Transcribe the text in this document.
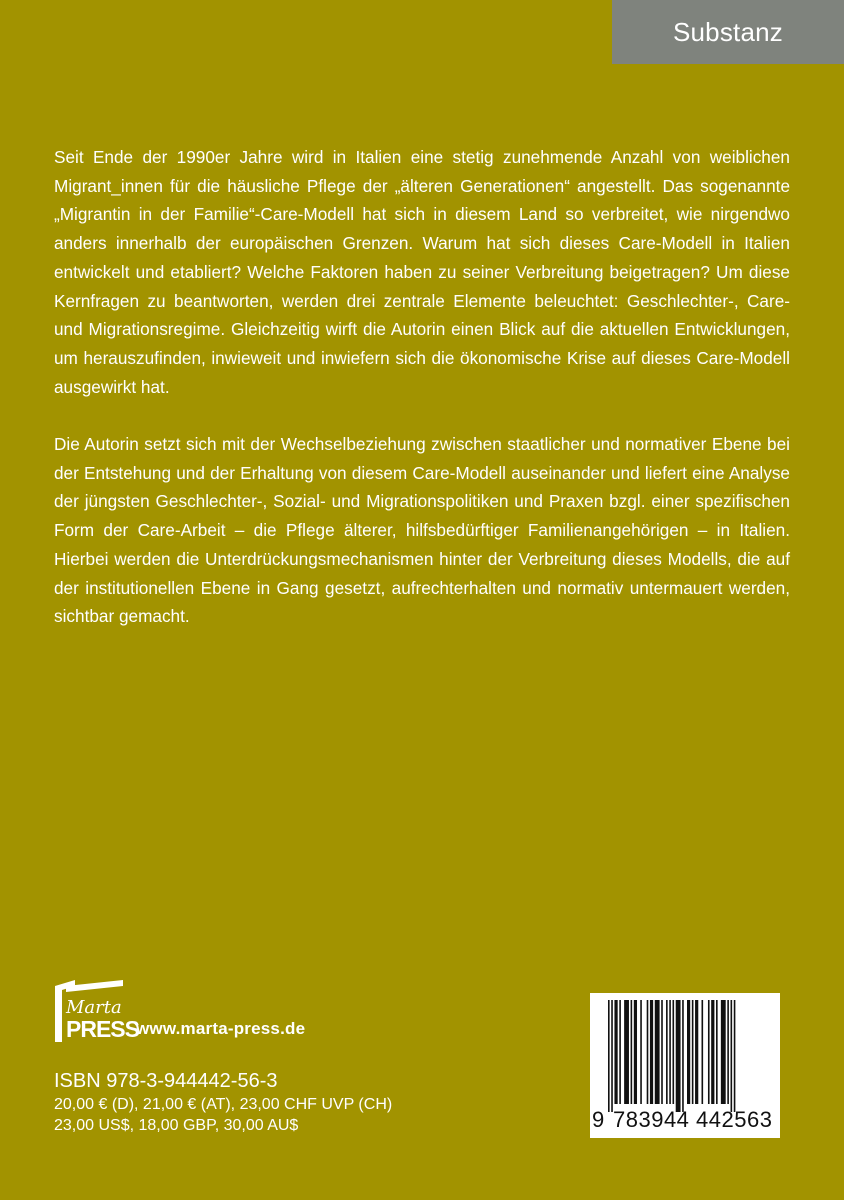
Substanz

Seit Ende der 1990er Jahre wird in Italien eine stetig zunehmende Anzahl von weiblichen Migrant_innen für die häusliche Pflege der „älteren Generationen“ angestellt. Das sogenannte „Migrantin in der Familie“-Care-Modell hat sich in diesem Land so verbreitet, wie nirgendwo anders innerhalb der europäischen Grenzen. Warum hat sich dieses Care-Modell in Italien entwickelt und etabliert? Welche Faktoren haben zu seiner Verbreitung beigetragen? Um diese Kernfragen zu beantworten, werden drei zentrale Elemente beleuchtet: Geschlechter-, Care- und Migrationsregime. Gleichzeitig wirft die Autorin einen Blick auf die aktuellen Entwicklungen, um herauszufinden, inwieweit und inwiefern sich die ökonomische Krise auf dieses Care-Modell ausgewirkt hat.

Die Autorin setzt sich mit der Wechselbeziehung zwischen staatlicher und normativer Ebene bei der Entstehung und der Erhaltung von diesem Care-Modell auseinander und liefert eine Analyse der jüngsten Geschlechter-, Sozial- und Migrationspolitiken und Praxen bzgl. einer spezifischen Form der Care-Arbeit – die Pflege älterer, hilfsbedürftiger Familienangehörigen – in Italien. Hierbei werden die Unterdrückungsmechanismen hinter der Verbreitung dieses Modells, die auf der institutionellen Ebene in Gang gesetzt, aufrechterhalten und normativ untermauert werden, sichtbar gemacht.

Marta
PRESS
www.marta-press.de

ISBN 978-3-944442-56-3

20,00 € (D), 21,00 € (AT), 23,00 CHF UVP (CH)

23,00 US$, 18,00 GBP, 30,00 AU$	9 783944 442563
